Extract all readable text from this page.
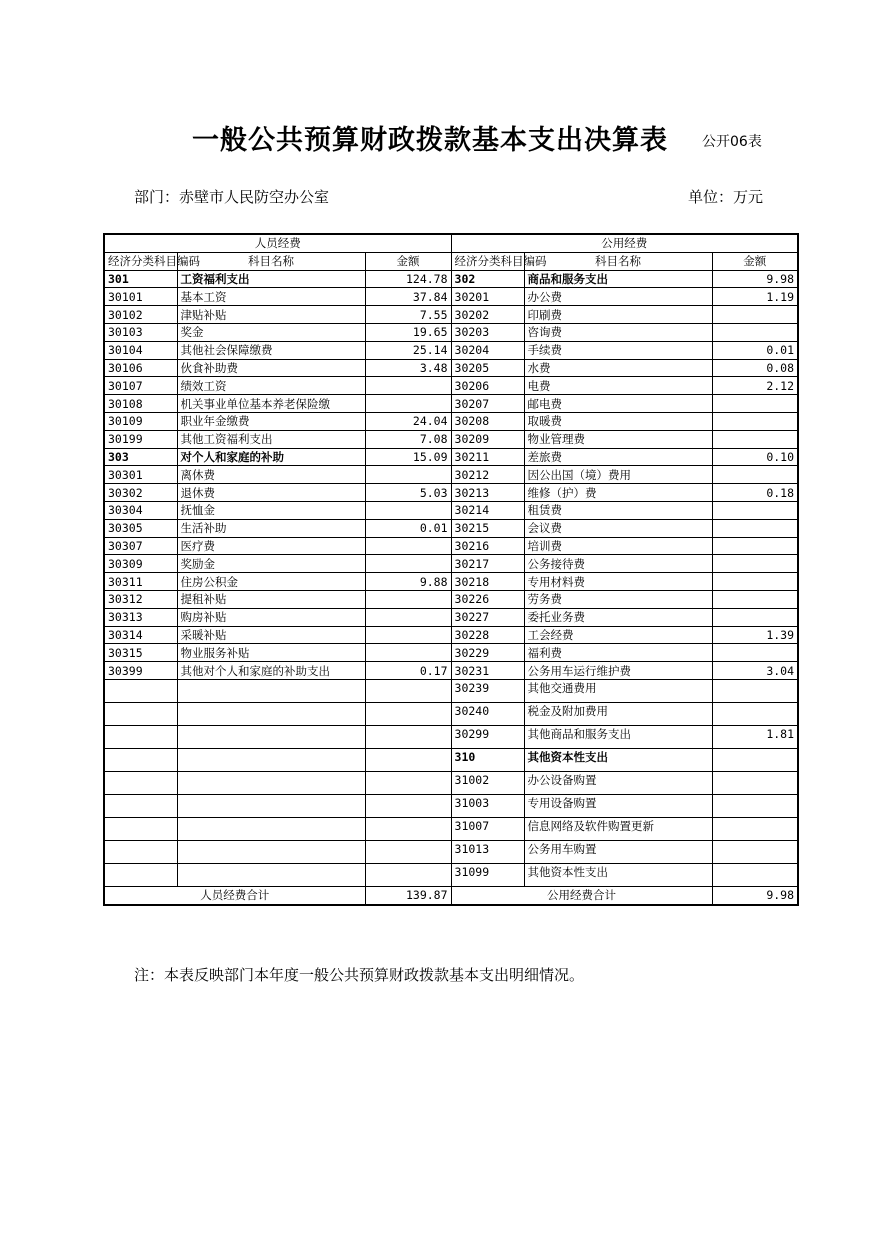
一般公共预算财政拨款基本支出决算表 公开06表
部门：赤壁市人民防空办公室	单位：万元
人员经费			公用经费		
经济分类科目编码	科目名称	金额	经济分类科目编码	科目名称	金额
301	工资福利支出	124.78	302	商品和服务支出	9.98
30101	基本工资	37.84	30201	办公费	1.19
30102	津贴补贴	7.55	30202	印刷费	
30103	奖金	19.65	30203	咨询费	
30104	其他社会保障缴费	25.14	30204	手续费	0.01
30106	伙食补助费	3.48	30205	水费	0.08
30107	绩效工资		30206	电费	2.12
30108	机关事业单位基本养老保险缴		30207	邮电费	
30109	职业年金缴费	24.04	30208	取暖费	
30199	其他工资福利支出	7.08	30209	物业管理费	
303	对个人和家庭的补助	15.09	30211	差旅费	0.10
30301	离休费		30212	因公出国（境）费用	
30302	退休费	5.03	30213	维修（护）费	0.18
30304	抚恤金		30214	租赁费	
30305	生活补助	0.01	30215	会议费	
30307	医疗费		30216	培训费	
30309	奖励金		30217	公务接待费	
30311	住房公积金	9.88	30218	专用材料费	
30312	提租补贴		30226	劳务费	
30313	购房补贴		30227	委托业务费	
30314	采暖补贴		30228	工会经费	1.39
30315	物业服务补贴		30229	福利费	
30399	其他对个人和家庭的补助支出	0.17	30231	公务用车运行维护费	3.04
			30239	其他交通费用	
			30240	税金及附加费用	
			30299	其他商品和服务支出	1.81
			310	其他资本性支出	
			31002	办公设备购置	
			31003	专用设备购置	
			31007	信息网络及软件购置更新	
			31013	公务用车购置	
			31099	其他资本性支出	
人员经费合计		139.87	公用经费合计		9.98
注：本表反映部门本年度一般公共预算财政拨款基本支出明细情况。
